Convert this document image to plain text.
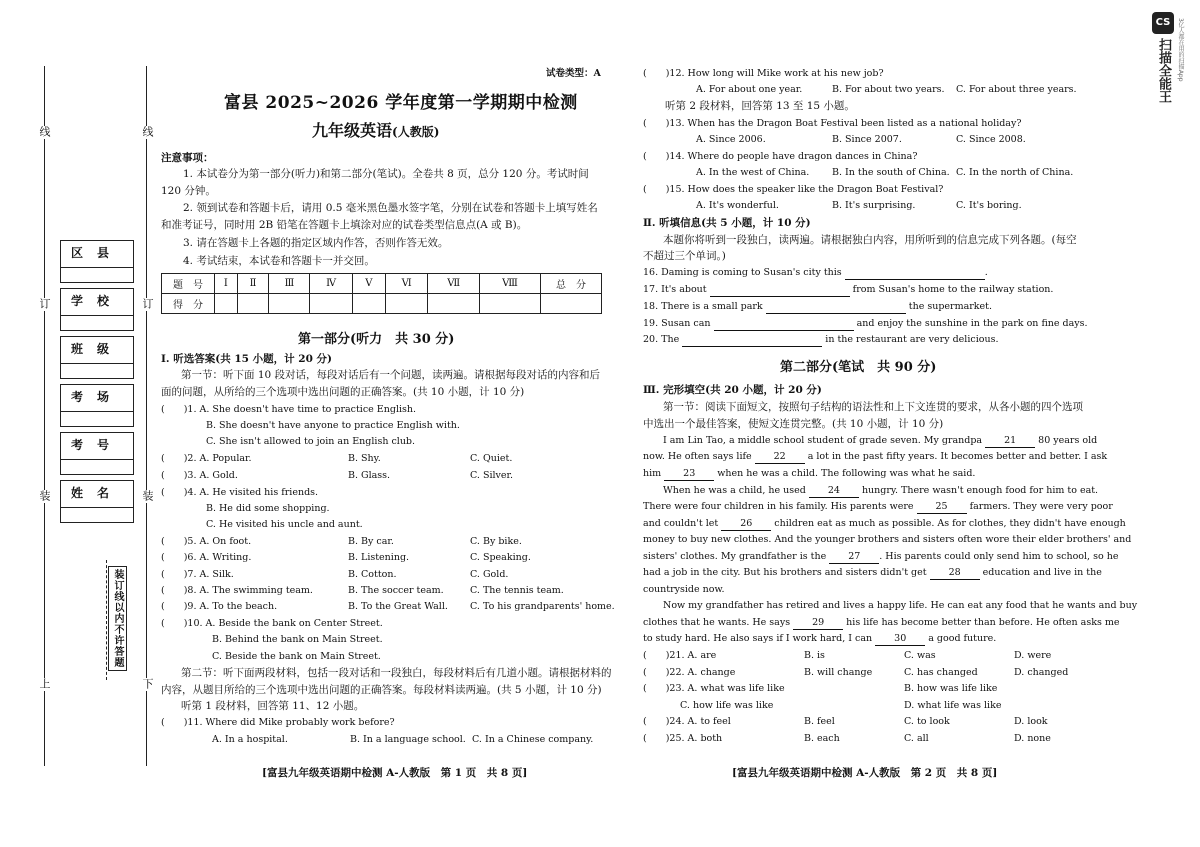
线	线
订	订
装	装
上	下
区县
学校
班级
考场
考号
姓名
装订线以内不许答题
试卷类型：A
富县 2025~2026 学年度第一学期期中检测
九年级英语(人教版)
注意事项：
1. 本试卷分为第一部分(听力)和第二部分(笔试)。全卷共 8 页，总分 120 分。考试时间
120 分钟。
2. 领到试卷和答题卡后，请用 0.5 毫米黑色墨水签字笔，分别在试卷和答题卡上填写姓名
和准考证号，同时用 2B 铅笔在答题卡上填涂对应的试卷类型信息点(A 或 B)。
3. 请在答题卡上各题的指定区域内作答，否则作答无效。
4. 考试结束，本试卷和答题卡一并交回。
题　号	Ⅰ	Ⅱ	Ⅲ	Ⅳ	Ⅴ	Ⅵ	Ⅶ	Ⅷ	总　分
得　分									
第一部分(听力　共 30 分)
Ⅰ. 听选答案(共 15 小题，计 20 分)
第一节：听下面 10 段对话，每段对话后有一个问题，读两遍。请根据每段对话的内容和后
面的问题，从所给的三个选项中选出问题的正确答案。(共 10 小题，计 10 分)
(　　)1. A. She doesn't have time to practice English.
B. She doesn't have anyone to practice English with.
C. She isn't allowed to join an English club.
(　　)2. A. Popular.	B. Shy.	C. Quiet.
(　　)3. A. Gold.	B. Glass.	C. Silver.
(　　)4. A. He visited his friends.
B. He did some shopping.
C. He visited his uncle and aunt.
(　　)5. A. On foot.	B. By car.	C. By bike.
(　　)6. A. Writing.	B. Listening.	C. Speaking.
(　　)7. A. Silk.	B. Cotton.	C. Gold.
(　　)8. A. The swimming team.	B. The soccer team.	C. The tennis team.
(　　)9. A. To the beach.	B. To the Great Wall. C. To his grandparents' home.
(　　)10. A. Beside the bank on Center Street.
B. Behind the bank on Main Street.
C. Beside the bank on Main Street.
第二节：听下面两段材料，包括一段对话和一段独白，每段材料后有几道小题。请根据材料的
内容，从题目所给的三个选项中选出问题的正确答案。每段材料读两遍。(共 5 小题，计 10 分)
听第 1 段材料，回答第 11、12 小题。
(　　)11. Where did Mike probably work before?
A. In a hospital.	B. In a language school. C. In a Chinese company.
[富县九年级英语期中检测 A-人教版　第 1 页　共 8 页]
(　　)12. How long will Mike work at his new job?
A. For about one year.	B. For about two years. C. For about three years.
听第 2 段材料，回答第 13 至 15 小题。
(　　)13. When has the Dragon Boat Festival been listed as a national holiday?
A. Since 2006.	B. Since 2007.	C. Since 2008.
(　　)14. Where do people have dragon dances in China?
A. In the west of China. B. In the south of China. C. In the north of China.
(　　)15. How does the speaker like the Dragon Boat Festival?
A. It's wonderful.	B. It's surprising.	C. It's boring.
Ⅱ. 听填信息(共 5 小题，计 10 分)
本题你将听到一段独白，读两遍。请根据独白内容，用所听到的信息完成下列各题。(每空
不超过三个单词。)
16. Daming is coming to Susan's city this	.
17. It's about	from Susan's home to the railway station.
18. There is a small park	the supermarket.
19. Susan can	and enjoy the sunshine in the park on fine days.
20. The	in the restaurant are very delicious.
第二部分(笔试　共 90 分)
Ⅲ. 完形填空(共 20 小题，计 20 分)
第一节：阅读下面短文，按照句子结构的语法性和上下文连贯的要求，从各小题的四个选项
中选出一个最佳答案，使短文连贯完整。(共 10 小题，计 10 分)
I am Lin Tao, a middle school student of grade seven. My grandpa 21 80 years old
now. He often says life 22 a lot in the past fifty years. It becomes better and better. I ask
him 23 when he was a child. The following was what he said.
When he was a child, he used 24 hungry. There wasn't enough food for him to eat.
There were four children in his family. His parents were 25 farmers. They were very poor
and couldn't let 26 children eat as much as possible. As for clothes, they didn't have enough
money to buy new clothes. And the younger brothers and sisters often wore their elder brothers' and
sisters' clothes. My grandfather is the 27 . His parents could only send him to school, so he
had a job in the city. But his brothers and sisters didn't get 28 education and live in the
countryside now.
Now my grandfather has retired and lives a happy life. He can eat any food that he wants and buy
clothes that he wants. He says 29 his life has become better than before. He often asks me
to study hard. He also says if I work hard, I can 30 a good future.
(　　)21. A. are	B. is	C. was	D. were
(　　)22. A. change	B. will change	C. has changed	D. changed
(　　)23. A. what was life like	B. how was life like
C. how life was like	D. what life was like
(　　)24. A. to feel	B. feel	C. to look	D. look
(　　)25. A. both	B. each	C. all	D. none
[富县九年级英语期中检测 A-人教版　第 2 页　共 8 页]
CS
扫描全能王	3亿人都在用的扫描App
